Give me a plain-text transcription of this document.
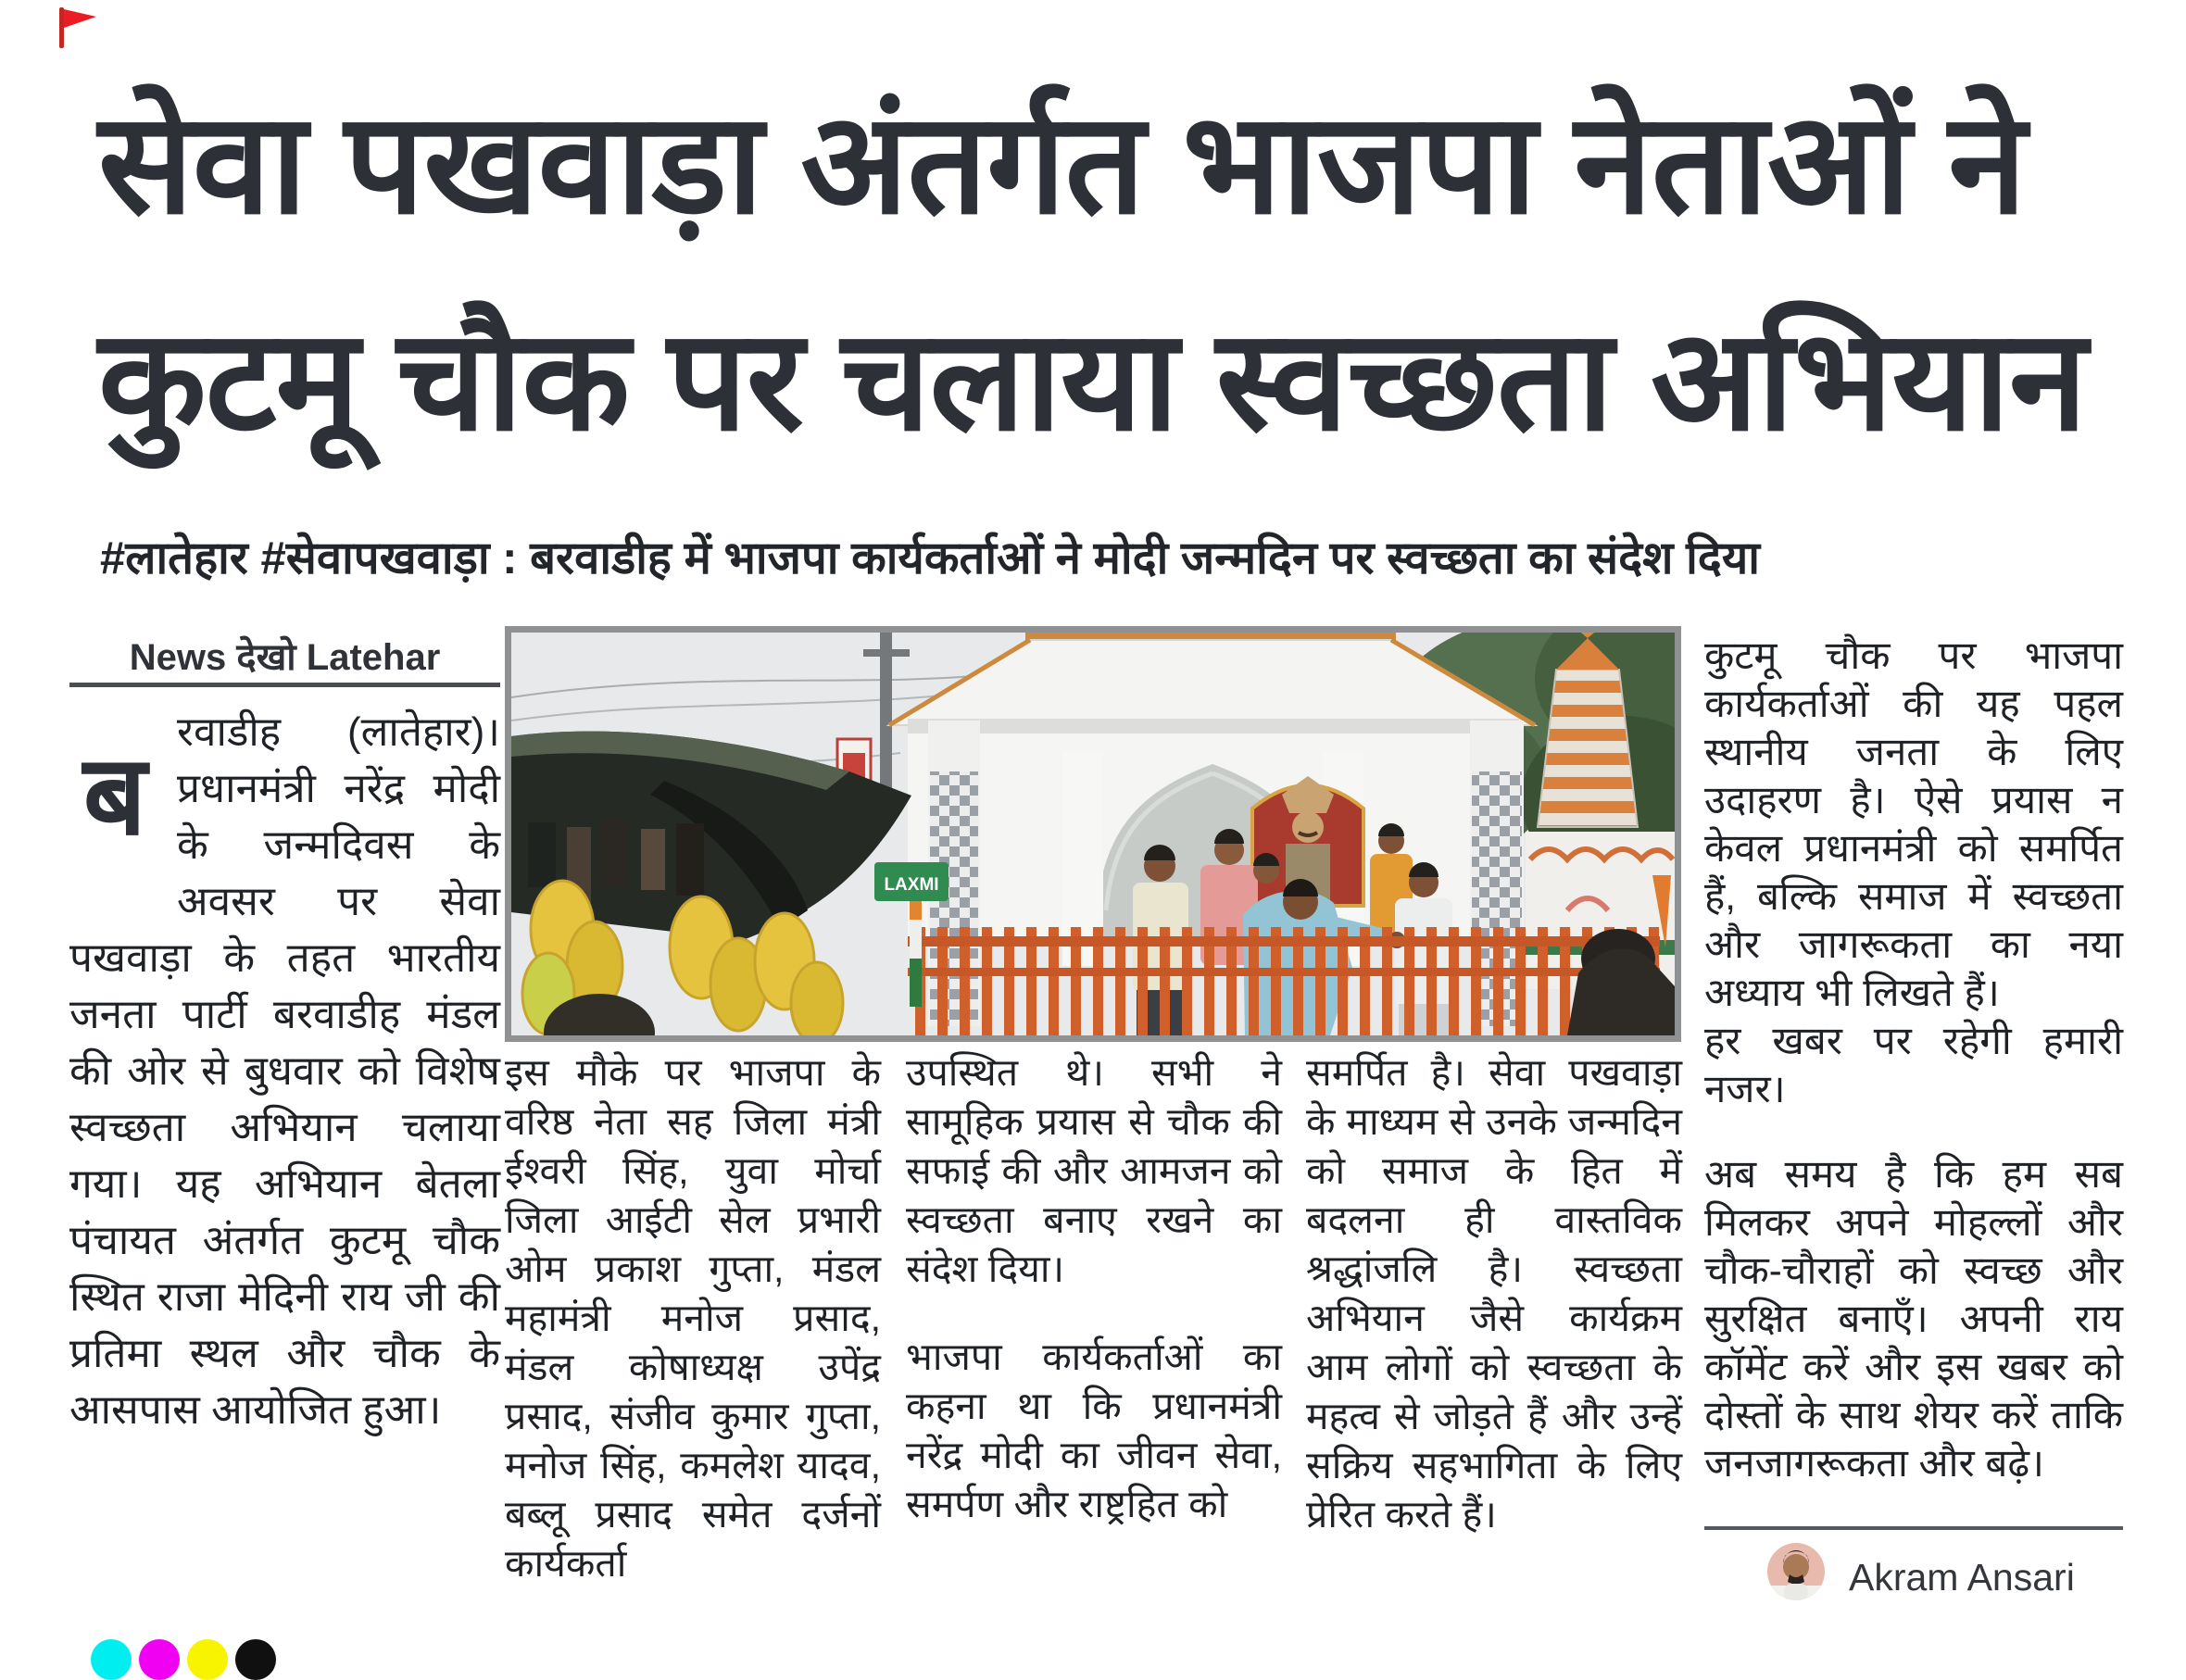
सेवा पखवाड़ा अंतर्गत भाजपा नेताओं ने
कुटमू चौक पर चलाया स्वच्छता अभियान
#लातेहार #सेवापखवाड़ा : बरवाडीह में भाजपा कार्यकर्ताओं ने मोदी जन्मदिन पर स्वच्छता का संदेश दिया
News देखो Latehar

ब
रवाडीह (लातेहार)। प्रधानमंत्री नरेंद्र मोदी के जन्मदिवस के अवसर पर सेवा पखवाड़ा के तहत भारतीय जनता पार्टी बरवाडीह मंडल की ओर से बुधवार को विशेष स्वच्छता अभियान चलाया गया। यह अभियान बेतला पंचायत अंतर्गत कुटमू चौक स्थित राजा मेदिनी राय जी की प्रतिमा स्थल और चौक के आसपास आयोजित हुआ।

LAXMI

इस मौके पर भाजपा के वरिष्ठ नेता सह जिला मंत्री ईश्वरी सिंह, युवा मोर्चा जिला आईटी सेल प्रभारी ओम प्रकाश गुप्ता, मंडल महामंत्री मनोज प्रसाद, मंडल कोषाध्यक्ष उपेंद्र प्रसाद, संजीव कुमार गुप्ता, मनोज सिंह, कमलेश यादव, बब्लू प्रसाद समेत दर्जनों कार्यकर्ता

उपस्थित थे। सभी ने सामूहिक प्रयास से चौक की सफाई की और आमजन को स्वच्छता बनाए रखने का संदेश दिया।

भाजपा कार्यकर्ताओं का कहना था कि प्रधानमंत्री नरेंद्र मोदी का जीवन सेवा, समर्पण और राष्ट्रहित को

समर्पित है। सेवा पखवाड़ा के माध्यम से उनके जन्मदिन को समाज के हित में बदलना ही वास्तविक श्रद्धांजलि है। स्वच्छता अभियान जैसे कार्यक्रम आम लोगों को स्वच्छता के महत्व से जोड़ते हैं और उन्हें सक्रिय सहभागिता के लिए प्रेरित करते हैं।

कुटमू चौक पर भाजपा कार्यकर्ताओं की यह पहल स्थानीय जनता के लिए उदाहरण है। ऐसे प्रयास न केवल प्रधानमंत्री को समर्पित हैं, बल्कि समाज में स्वच्छता और जागरूकता का नया अध्याय भी लिखते हैं।

हर खबर पर रहेगी हमारी नजर।

अब समय है कि हम सब मिलकर अपने मोहल्लों और चौक-चौराहों को स्वच्छ और सुरक्षित बनाएँ। अपनी राय कॉमेंट करें और इस खबर को दोस्तों के साथ शेयर करें ताकि जनजागरूकता और बढ़े।

Akram Ansari
